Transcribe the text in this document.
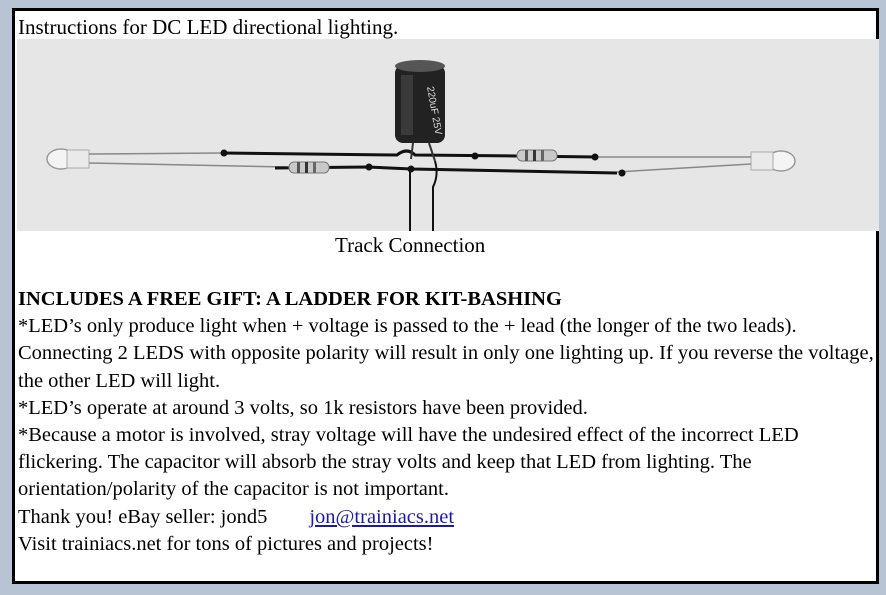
Instructions for DC LED directional lighting.
220uF 25V
Track Connection

INCLUDES A FREE GIFT: A LADDER FOR KIT-BASHING

*LED’s only produce light when + voltage is passed to the + lead (the longer of the two leads). Connecting 2 LEDS with opposite polarity will result in only one lighting up. If you reverse the voltage, the other LED will light.

*LED’s operate at around 3 volts, so 1k resistors have been provided.

*Because a motor is involved, stray voltage will have the undesired effect of the incorrect LED flickering. The capacitor will absorb the stray volts and keep that LED from lighting. The orientation/polarity of the capacitor is not important.

Thank you! eBay seller: jond5 jon@trainiacs.net

Visit trainiacs.net for tons of pictures and projects!
